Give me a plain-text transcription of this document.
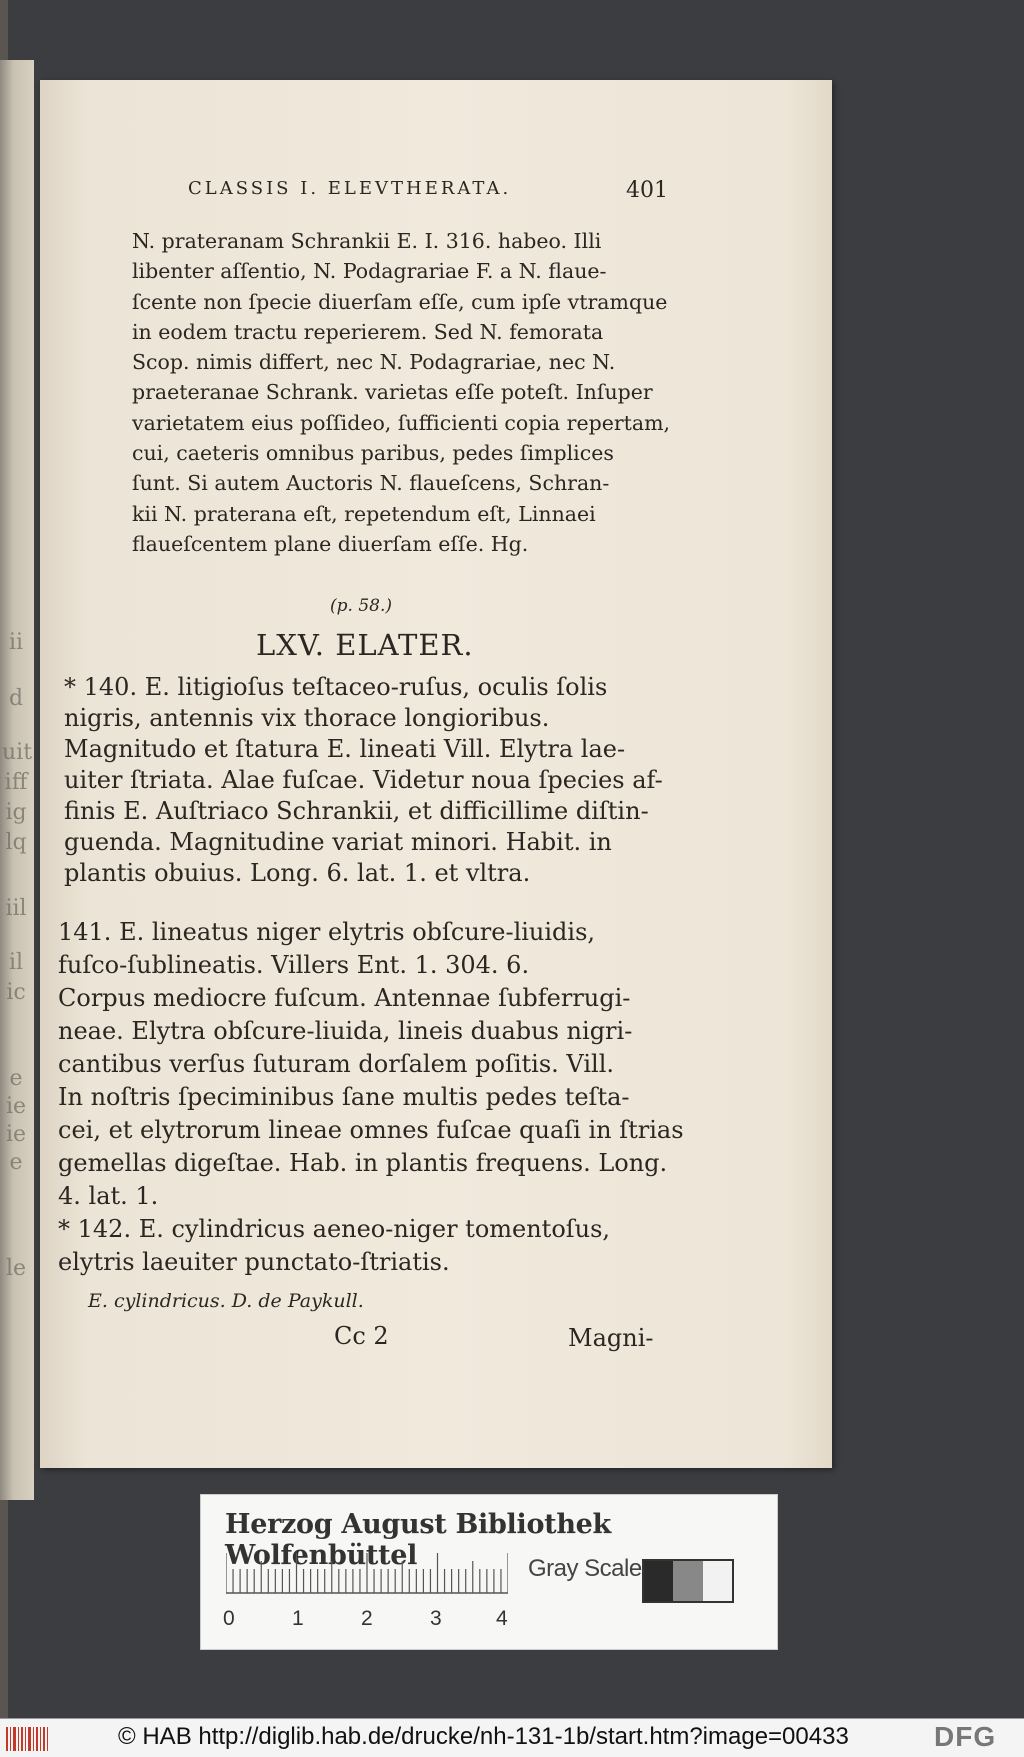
ii
d
uit
iff
ig
lq
iil
il
ic
e
ie
ie
e
le
CLASSIS I. ELEVTHERATA.	401
N. prateranam Schrankii E. I. 316. habeo. Illi
libenter aſſentio, N. Podagrariae F. a N. flaue-
ſcente non ſpecie diuerſam eſſe, cum ipſe vtramque
in eodem tractu reperierem. Sed N. femorata
Scop. nimis differt, nec N. Podagrariae, nec N.
praeteranae Schrank. varietas eſſe poteſt. Inſuper
varietatem eius poſſideo, ſufficienti copia repertam,
cui, caeteris omnibus paribus, pedes ſimplices
ſunt. Si autem Auctoris N. flaueſcens, Schran-
kii N. praterana eſt, repetendum eſt, Linnaei
flaueſcentem plane diuerſam eſſe. Hg.
(p. 58.)
LXV. ELATER.
* 140. E. litigioſus teſtaceo-ruſus, oculis ſolis
nigris, antennis vix thorace longioribus.
Magnitudo et ſtatura E. lineati Vill. Elytra lae-
uiter ſtriata. Alae fuſcae. Videtur noua ſpecies af-
finis E. Auſtriaco Schrankii, et difficillime diſtin-
guenda. Magnitudine variat minori. Habit. in
plantis obuius. Long. 6. lat. 1. et vltra.
141. E. lineatus niger elytris obſcure-liuidis,
fuſco-ſublineatis. Villers Ent. 1. 304. 6.
Corpus mediocre fuſcum. Antennae ſubferrugi-
neae. Elytra obſcure-liuida, lineis duabus nigri-
cantibus verſus ſuturam dorſalem poſitis. Vill.
In noſtris ſpeciminibus ſane multis pedes teſta-
cei, et elytrorum lineae omnes fuſcae quaſi in ſtrias
gemellas digeſtae. Hab. in plantis frequens. Long.
4. lat. 1.
* 142. E. cylindricus aeneo-niger tomentoſus,
elytris laeuiter punctato-ſtriatis.
E. cylindricus. D. de Paykull.
Cc 2	Magni-
Herzog August Bibliothek Wolfenbüttel
0	1	2	3	4
Gray Scale
© HAB http://diglib.hab.de/drucke/nh-131-1b/start.htm?image=00433	DFG
